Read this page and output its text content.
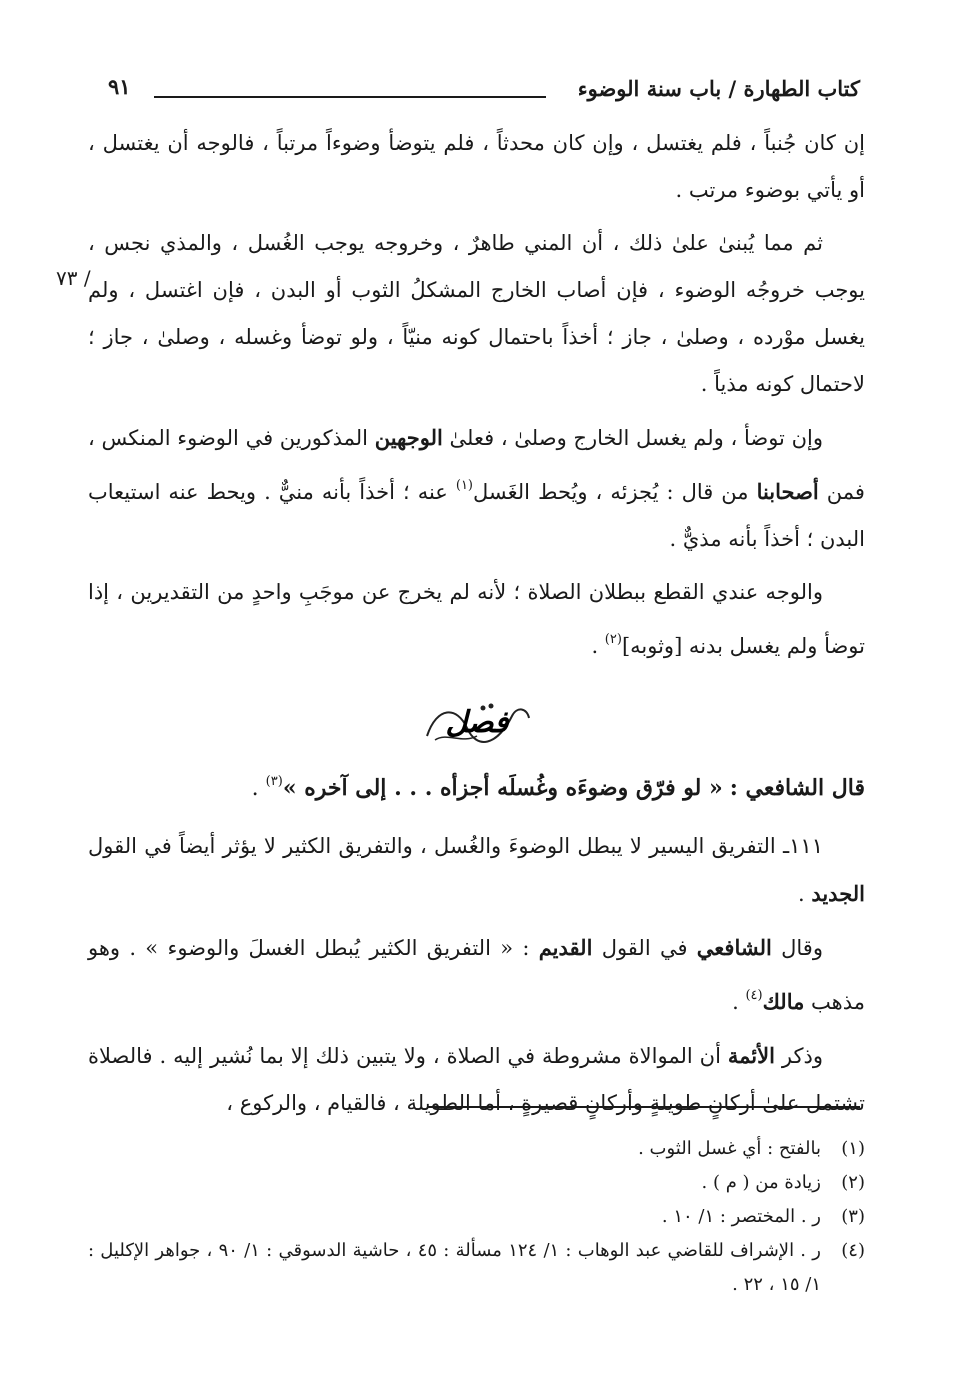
كتاب الطهارة / باب سنة الوضوء
٩١
/ ٧٣

إن كان جُنباً ، فلم يغتسل ، وإن كان محدثاً ، فلم يتوضأ وضوءاً مرتباً ، فالوجه أن يغتسل ، أو يأتي بوضوء مرتب .

ثم مما يُبنىٰ علىٰ ذلك ، أن المني طاهرٌ ، وخروجه يوجب الغُسل ، والمذي نجس ، يوجب خروجُه الوضوء ، فإن أصاب الخارج المشكلُ الثوب أو البدن ، فإن اغتسل ، ولم يغسل موْرده ، وصلىٰ ، جاز ؛ أخذاً باحتمال كونه منيّاً ، ولو توضأ وغسله ، وصلىٰ ، جاز ؛ لاحتمال كونه مذياً .

وإن توضأ ، ولم يغسل الخارج وصلىٰ ، فعلىٰ الوجهين المذكورين في الوضوء المنكس ، فمن أصحابنا من قال : يُجزئه ، ويُحط الغَسل$^{(١)}$ عنه ؛ أخذاً بأنه منيٌّ . ويحط عنه استيعاب البدن ؛ أخذاً بأنه مذيٌّ .

والوجه عندي القطع ببطلان الصلاة ؛ لأنه لم يخرج عن موجَبِ واحدٍ من التقديرين ، إذا توضأ ولم يغسل بدنه [وثوبه]$^{(٢)}$ .

فصل

قال الشافعي : « لو فرّق وضوءَه وغُسلَه أجزأه . . . إلى آخره »$^{(٣)}$ .

١١١ـ التفريق اليسير لا يبطل الوضوءَ والغُسل ، والتفريق الكثير لا يؤثر أيضاً في القول الجديد .

وقال الشافعي في القول القديم : « التفريق الكثير يُبطل الغسلَ والوضوء » . وهو مذهب مالك$^{(٤)}$ .

وذكر الأئمة أن الموالاة مشروطة في الصلاة ، ولا يتبين ذلك إلا بما نُشير إليه . فالصلاة تشتمل علىٰ أركانٍ طويلةٍ وأركانٍ قصيرةٍ ، أما الطويلة ، فالقيام ، والركوع ،

(١)
بالفتح : أي غسل الثوب .
(٢)
زيادة من ( م ) .
(٣)
ر . المختصر : ١/ ١٠ .
(٤)
ر . الإشراف للقاضي عبد الوهاب : ١/ ١٢٤ مسألة : ٤٥ ، حاشية الدسوقي : ١/ ٩٠ ، جواهر الإكليل : ١/ ١٥ ، ٢٢ .
